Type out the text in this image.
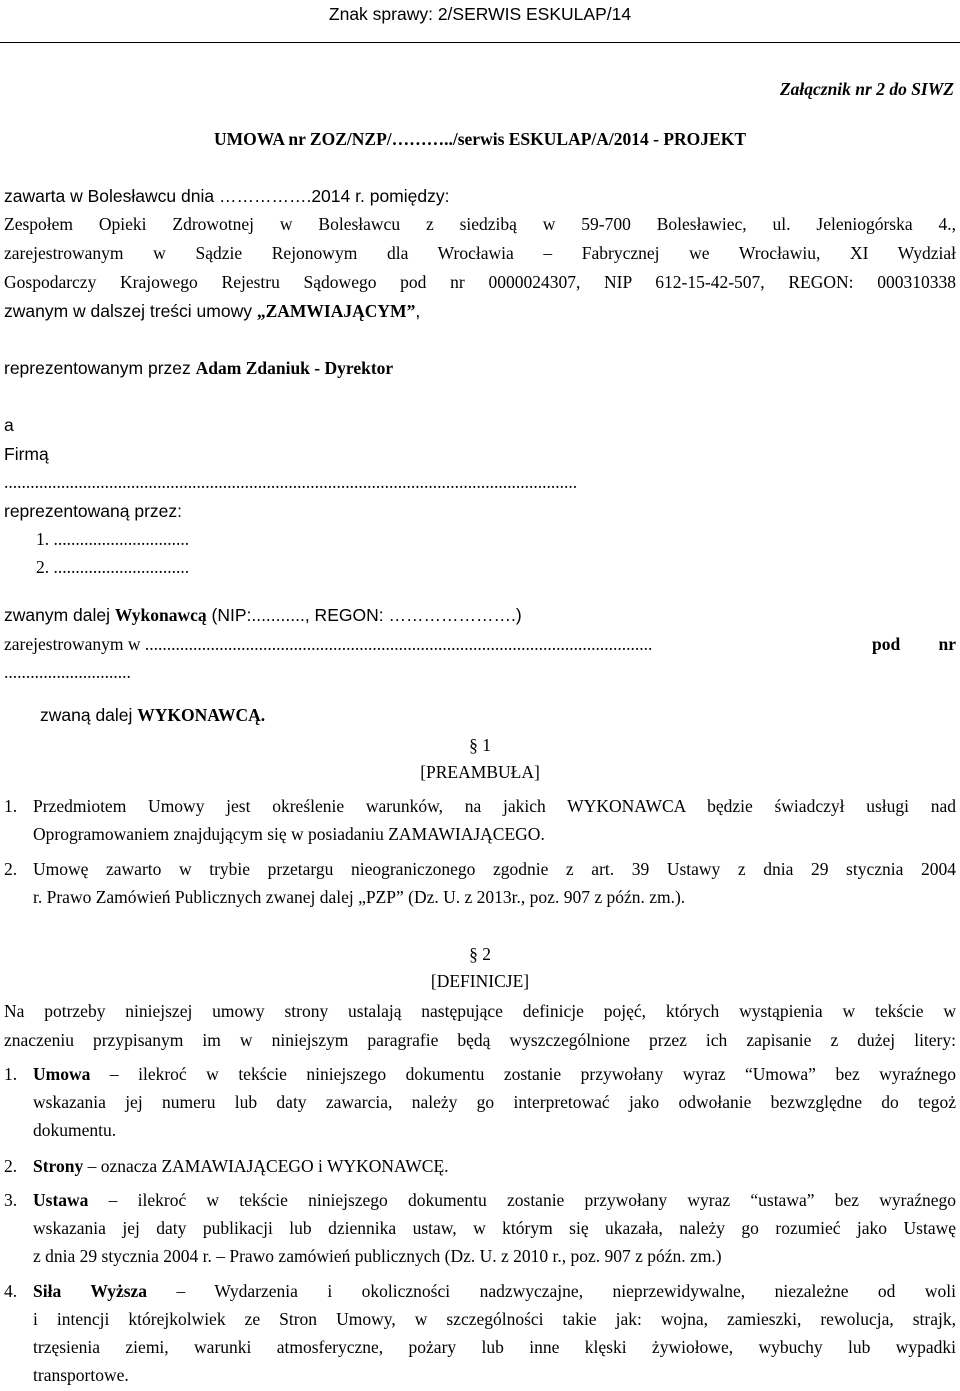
Znak sprawy: 2/SERWIS ESKULAP/14
Załącznik nr 2 do SIWZ
UMOWA nr ZOZ/NZP/………../serwis ESKULAP/A/2014 - PROJEKT
zawarta w Bolesławcu dnia …………….2014 r. pomiędzy:
Zespołem Opieki Zdrowotnej w Bolesławcu z siedzibą w 59-700 Bolesławiec, ul. Jeleniogórska 4.,
zarejestrowanym w Sądzie Rejonowym dla Wrocławia – Fabrycznej we Wrocławiu, XI Wydział
Gospodarczy Krajowego Rejestru Sądowego pod nr 0000024307, NIP 612-15-42-507, REGON: 000310338
zwanym w dalszej treści umowy „ZAMWIAJĄCYM”,
reprezentowanym przez Adam Zdaniuk - Dyrektor
a
Firmą
...................................................................................................................................
reprezentowaną przez:
1. ...............................
2. ...............................
zwanym dalej Wykonawcą (NIP:..........., REGON: ………………….)
zarejestrowanym w ....................................................................................................................	pod nr
.............................
zwaną dalej WYKONAWCĄ.
§ 1
[PREAMBUŁA]
1. Przedmiotem Umowy jest określenie warunków, na jakich WYKONAWCA będzie świadczył usługi nad
Oprogramowaniem znajdującym się w posiadaniu ZAMAWIAJĄCEGO.
2. Umowę zawarto w trybie przetargu nieograniczonego zgodnie z art. 39 Ustawy z dnia 29 stycznia 2004
r. Prawo Zamówień Publicznych zwanej dalej „PZP” (Dz. U. z 2013r., poz. 907 z późn. zm.).
§ 2
[DEFINICJE]
Na potrzeby niniejszej umowy strony ustalają następujące definicje pojęć, których wystąpienia w tekście w
znaczeniu przypisanym im w niniejszym paragrafie będą wyszczególnione przez ich zapisanie z dużej litery:
1. Umowa – ilekroć w tekście niniejszego dokumentu zostanie przywołany wyraz “Umowa” bez wyraźnego
wskazania jej numeru lub daty zawarcia, należy go interpretować jako odwołanie bezwzględne do tegoż
dokumentu.
2. Strony – oznacza ZAMAWIAJĄCEGO i WYKONAWCĘ.
3. Ustawa – ilekroć w tekście niniejszego dokumentu zostanie przywołany wyraz “ustawa” bez wyraźnego
wskazania jej daty publikacji lub dziennika ustaw, w którym się ukazała, należy go rozumieć jako Ustawę
z dnia 29 stycznia 2004 r. – Prawo zamówień publicznych (Dz. U. z 2010 r., poz. 907 z późn. zm.)
4. Siła Wyższa – Wydarzenia i okoliczności nadzwyczajne, nieprzewidywalne, niezależne od woli
i intencji którejkolwiek ze Stron Umowy, w szczególności takie jak: wojna, zamieszki, rewolucja, strajk,
trzęsienia ziemi, warunki atmosferyczne, pożary lub inne klęski żywiołowe, wybuchy lub wypadki
transportowe.
